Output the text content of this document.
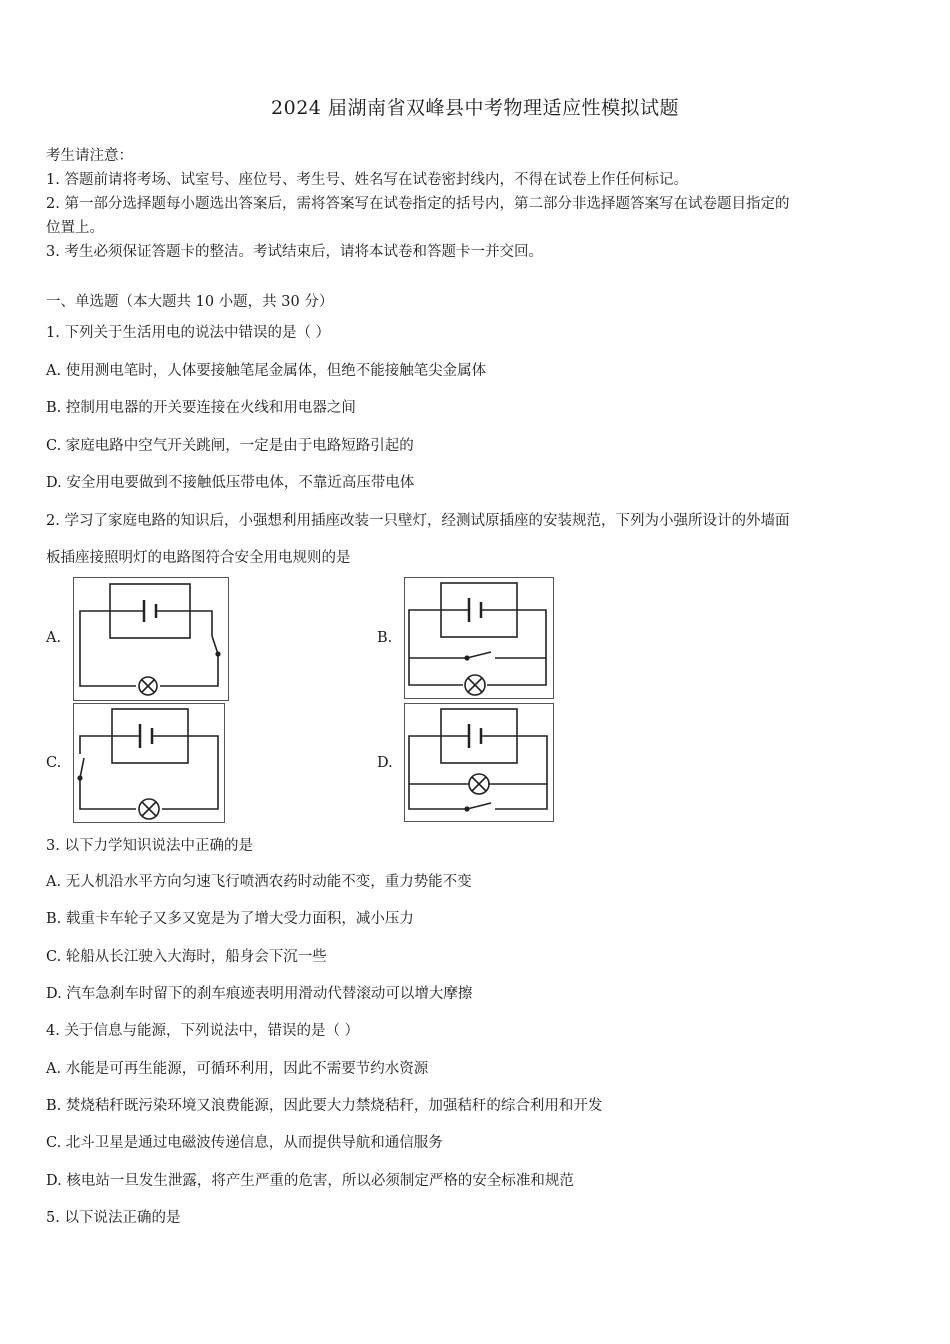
2024 届湖南省双峰县中考物理适应性模拟试题
考生请注意：
1. 答题前请将考场、试室号、座位号、考生号、姓名写在试卷密封线内，不得在试卷上作任何标记。
2. 第一部分选择题每小题选出答案后，需将答案写在试卷指定的括号内，第二部分非选择题答案写在试卷题目指定的
位置上。
3. 考生必须保证答题卡的整洁。考试结束后，请将本试卷和答题卡一并交回。
一、单选题（本大题共 10 小题，共 30 分）
1. 下列关于生活用电的说法中错误的是（ ）
A. 使用测电笔时，人体要接触笔尾金属体，但绝不能接触笔尖金属体
B. 控制用电器的开关要连接在火线和用电器之间
C. 家庭电路中空气开关跳闸，一定是由于电路短路引起的
D. 安全用电要做到不接触低压带电体，不靠近高压带电体
2. 学习了家庭电路的知识后，小强想利用插座改装一只壁灯，经测试原插座的安装规范，下列为小强所设计的外墙面
板插座接照明灯的电路图符合安全用电规则的是
A.	B.
C.	D.
3. 以下力学知识说法中正确的是
A. 无人机沿水平方向匀速飞行喷洒农药时动能不变，重力势能不变
B. 载重卡车轮子又多又宽是为了增大受力面积，减小压力
C. 轮船从长江驶入大海时，船身会下沉一些
D. 汽车急刹车时留下的刹车痕迹表明用滑动代替滚动可以增大摩擦
4. 关于信息与能源，下列说法中，错误的是（ ）
A. 水能是可再生能源，可循环利用，因此不需要节约水资源
B. 焚烧秸秆既污染环境又浪费能源，因此要大力禁烧秸秆，加强秸秆的综合利用和开发
C. 北斗卫星是通过电磁波传递信息，从而提供导航和通信服务
D. 核电站一旦发生泄露，将产生严重的危害，所以必须制定严格的安全标准和规范
5. 以下说法正确的是
